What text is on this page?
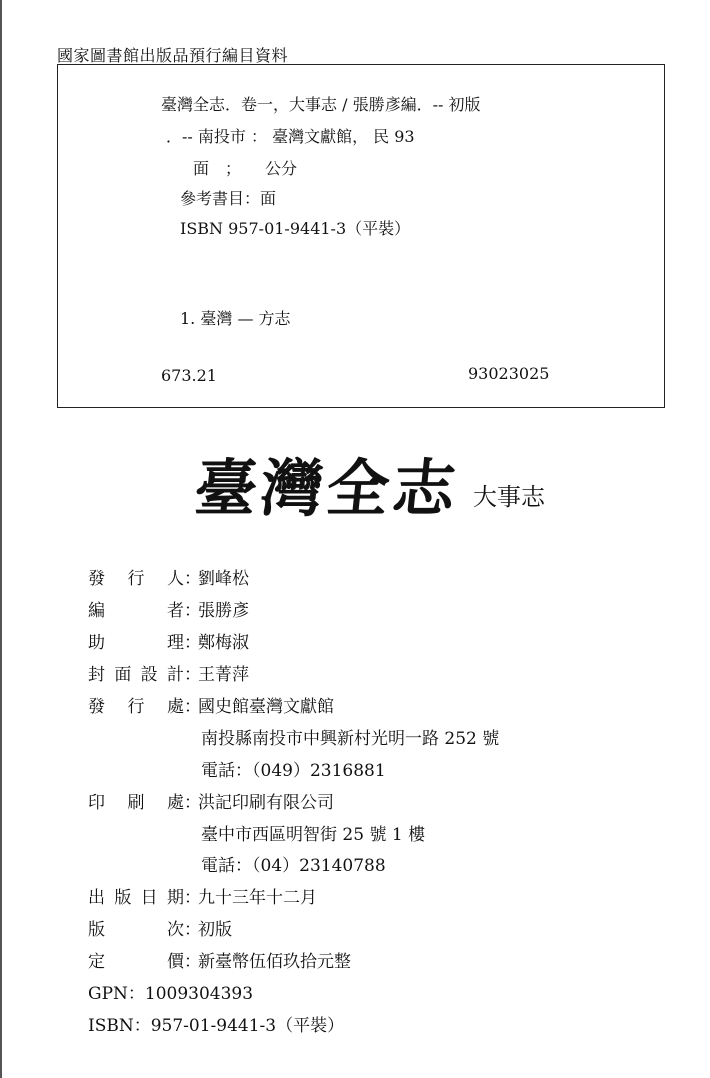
國家圖書館出版品預行編目資料
臺灣全志．卷一，大事志 / 張勝彥編．-- 初版
．-- 南投市 ： 臺灣文獻館， 民 93
面　；　　公分
參考書目：面
ISBN 957-01-9441-3（平裝）
1. 臺灣 — 方志
673.21	93023025
臺灣全志 大事志
發 行 人 ：
劉峰松
編	者 ：
張勝彥
助	理 ：
鄭梅淑
封 面 設 計 ：
王菁萍
發 行 處 ：
國史館臺灣文獻館
南投縣南投市中興新村光明一路 252 號
電話：（049）2316881
印 刷 處 ：
洪記印刷有限公司
臺中市西區明智街 25 號 1 樓
電話：（04）23140788
出 版 日 期 ：
九十三年十二月
版	次 ：
初版
定	價 ：
新臺幣伍佰玖拾元整
GPN：1009304393
ISBN：957-01-9441-3（平裝）
